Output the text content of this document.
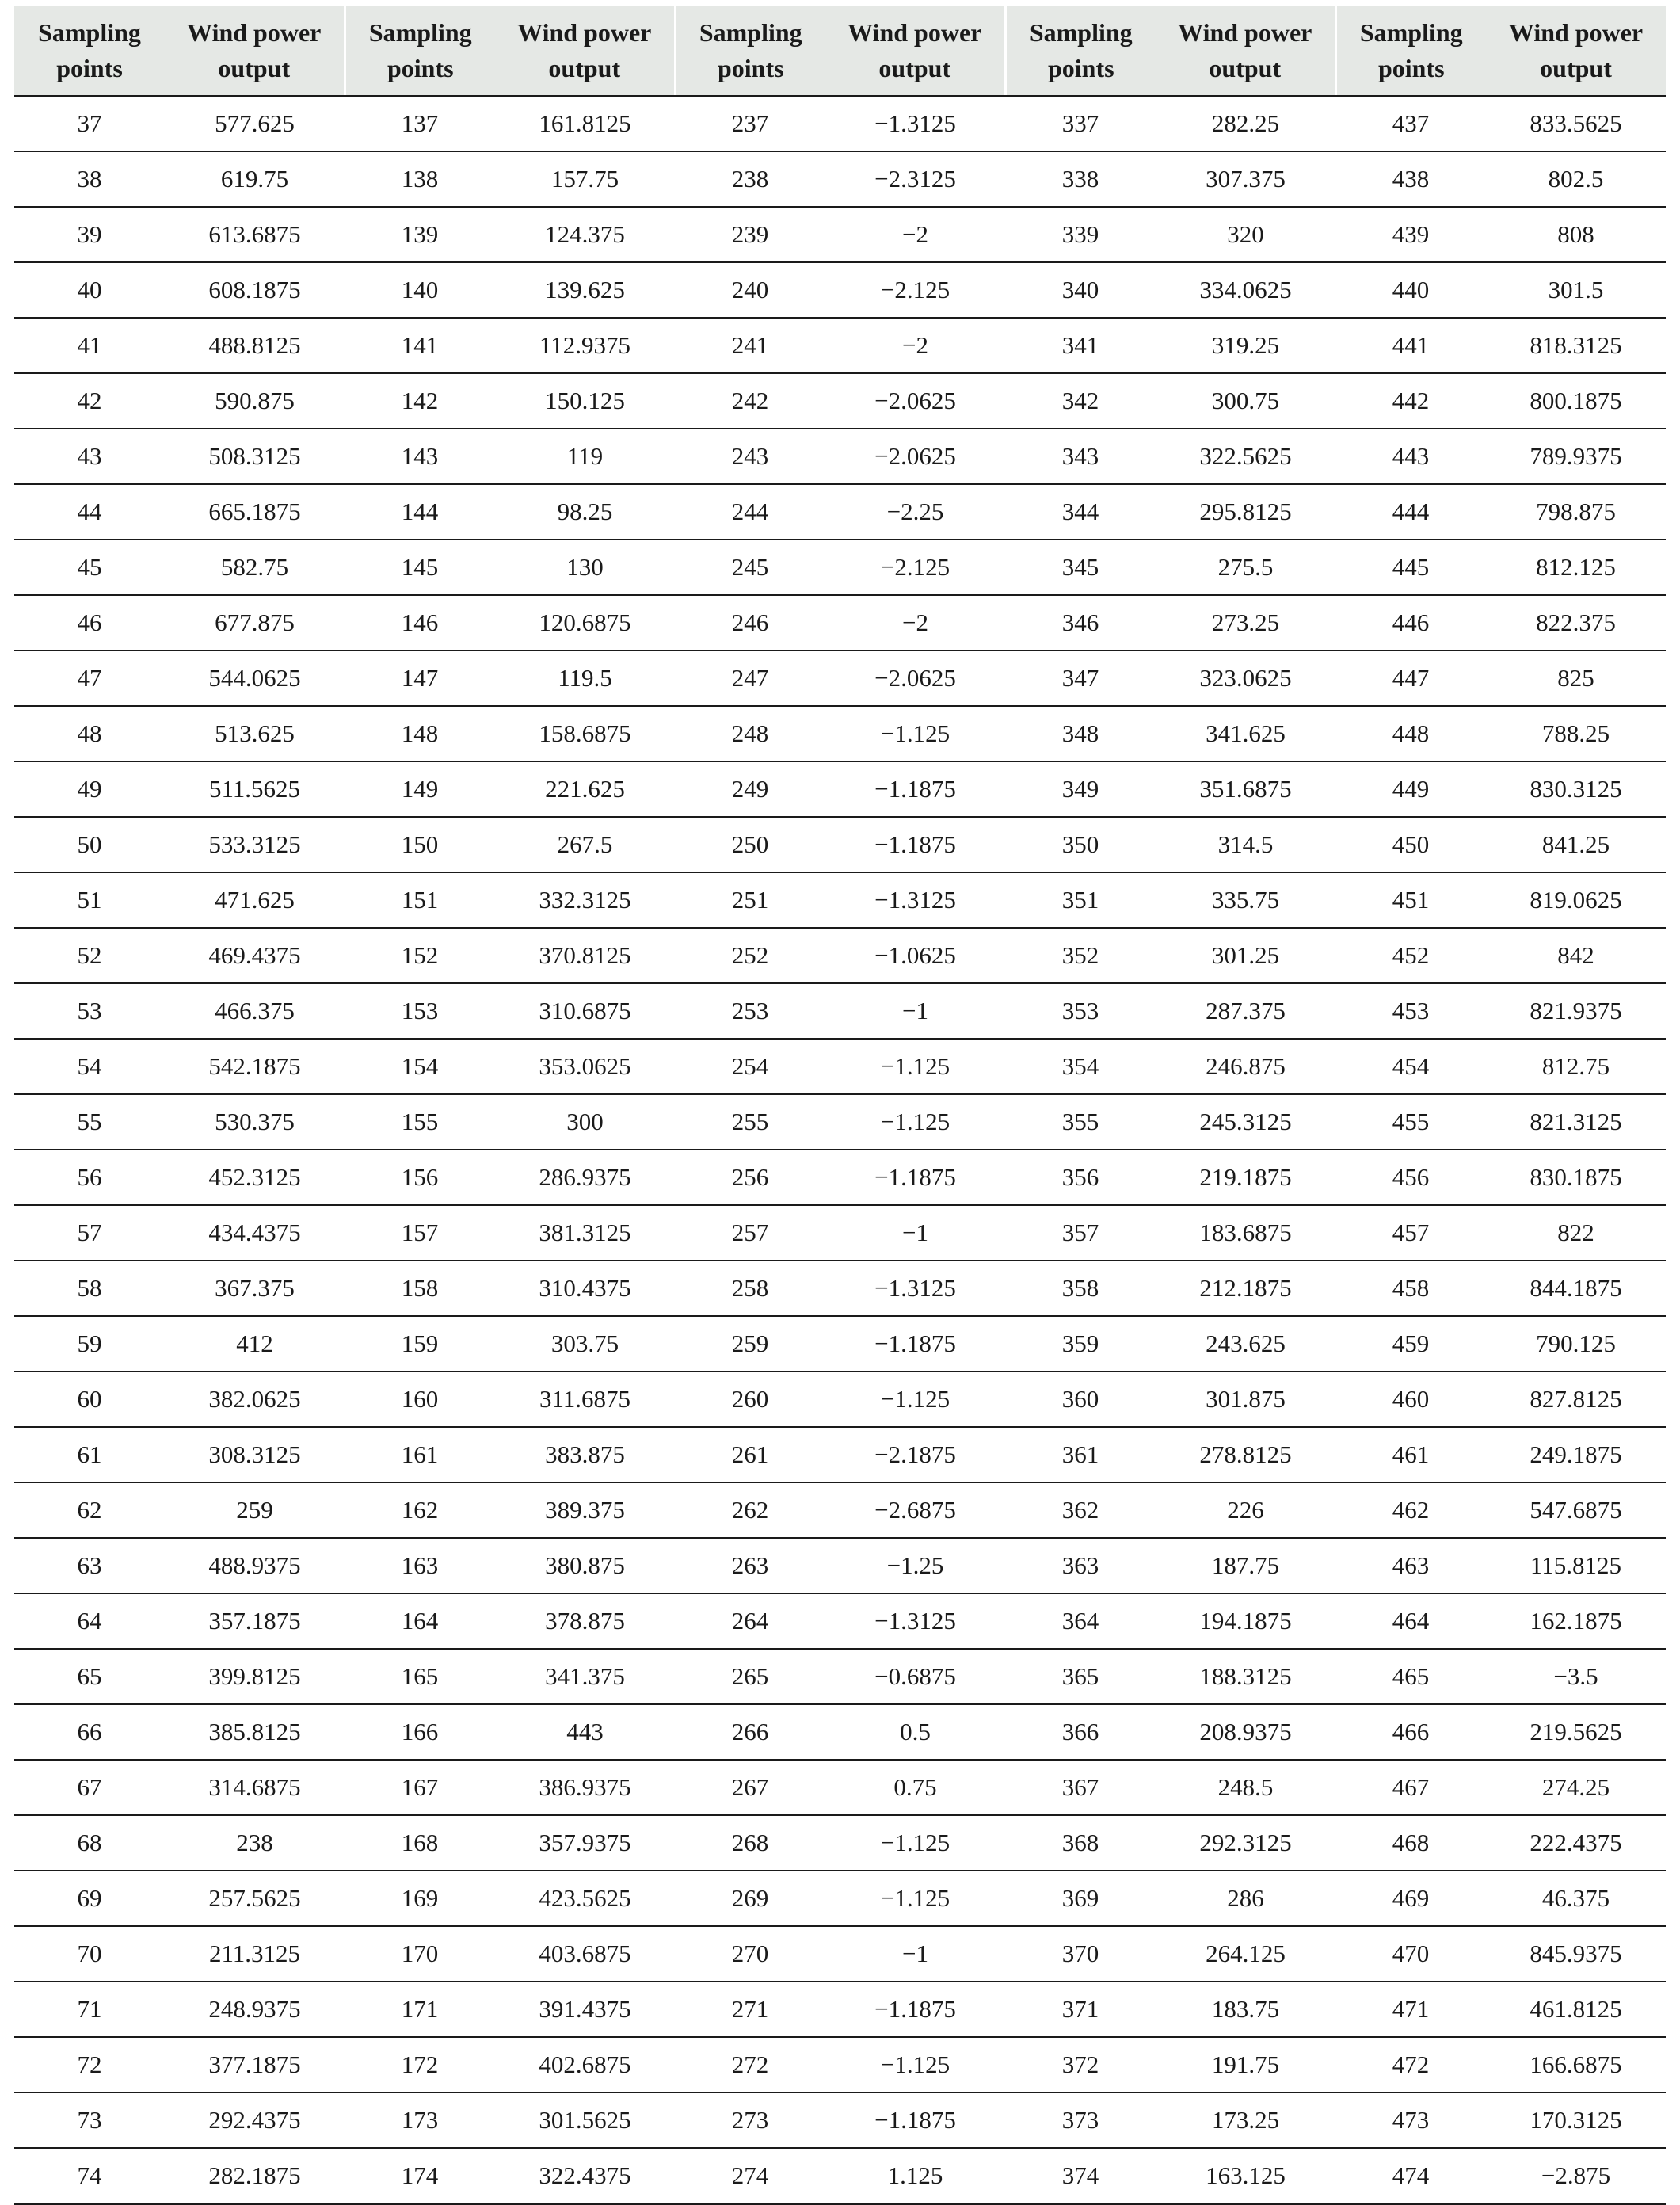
Sampling
points	Wind power
output	Sampling
points	Wind power
output	Sampling
points	Wind power
output	Sampling
points	Wind power
output	Sampling
points	Wind power
output
37	577.625	137	161.8125	237	−1.3125	337	282.25	437	833.5625
38	619.75	138	157.75	238	−2.3125	338	307.375	438	802.5
39	613.6875	139	124.375	239	−2	339	320	439	808
40	608.1875	140	139.625	240	−2.125	340	334.0625	440	301.5
41	488.8125	141	112.9375	241	−2	341	319.25	441	818.3125
42	590.875	142	150.125	242	−2.0625	342	300.75	442	800.1875
43	508.3125	143	119	243	−2.0625	343	322.5625	443	789.9375
44	665.1875	144	98.25	244	−2.25	344	295.8125	444	798.875
45	582.75	145	130	245	−2.125	345	275.5	445	812.125
46	677.875	146	120.6875	246	−2	346	273.25	446	822.375
47	544.0625	147	119.5	247	−2.0625	347	323.0625	447	825
48	513.625	148	158.6875	248	−1.125	348	341.625	448	788.25
49	511.5625	149	221.625	249	−1.1875	349	351.6875	449	830.3125
50	533.3125	150	267.5	250	−1.1875	350	314.5	450	841.25
51	471.625	151	332.3125	251	−1.3125	351	335.75	451	819.0625
52	469.4375	152	370.8125	252	−1.0625	352	301.25	452	842
53	466.375	153	310.6875	253	−1	353	287.375	453	821.9375
54	542.1875	154	353.0625	254	−1.125	354	246.875	454	812.75
55	530.375	155	300	255	−1.125	355	245.3125	455	821.3125
56	452.3125	156	286.9375	256	−1.1875	356	219.1875	456	830.1875
57	434.4375	157	381.3125	257	−1	357	183.6875	457	822
58	367.375	158	310.4375	258	−1.3125	358	212.1875	458	844.1875
59	412	159	303.75	259	−1.1875	359	243.625	459	790.125
60	382.0625	160	311.6875	260	−1.125	360	301.875	460	827.8125
61	308.3125	161	383.875	261	−2.1875	361	278.8125	461	249.1875
62	259	162	389.375	262	−2.6875	362	226	462	547.6875
63	488.9375	163	380.875	263	−1.25	363	187.75	463	115.8125
64	357.1875	164	378.875	264	−1.3125	364	194.1875	464	162.1875
65	399.8125	165	341.375	265	−0.6875	365	188.3125	465	−3.5
66	385.8125	166	443	266	0.5	366	208.9375	466	219.5625
67	314.6875	167	386.9375	267	0.75	367	248.5	467	274.25
68	238	168	357.9375	268	−1.125	368	292.3125	468	222.4375
69	257.5625	169	423.5625	269	−1.125	369	286	469	46.375
70	211.3125	170	403.6875	270	−1	370	264.125	470	845.9375
71	248.9375	171	391.4375	271	−1.1875	371	183.75	471	461.8125
72	377.1875	172	402.6875	272	−1.125	372	191.75	472	166.6875
73	292.4375	173	301.5625	273	−1.1875	373	173.25	473	170.3125
74	282.1875	174	322.4375	274	1.125	374	163.125	474	−2.875
